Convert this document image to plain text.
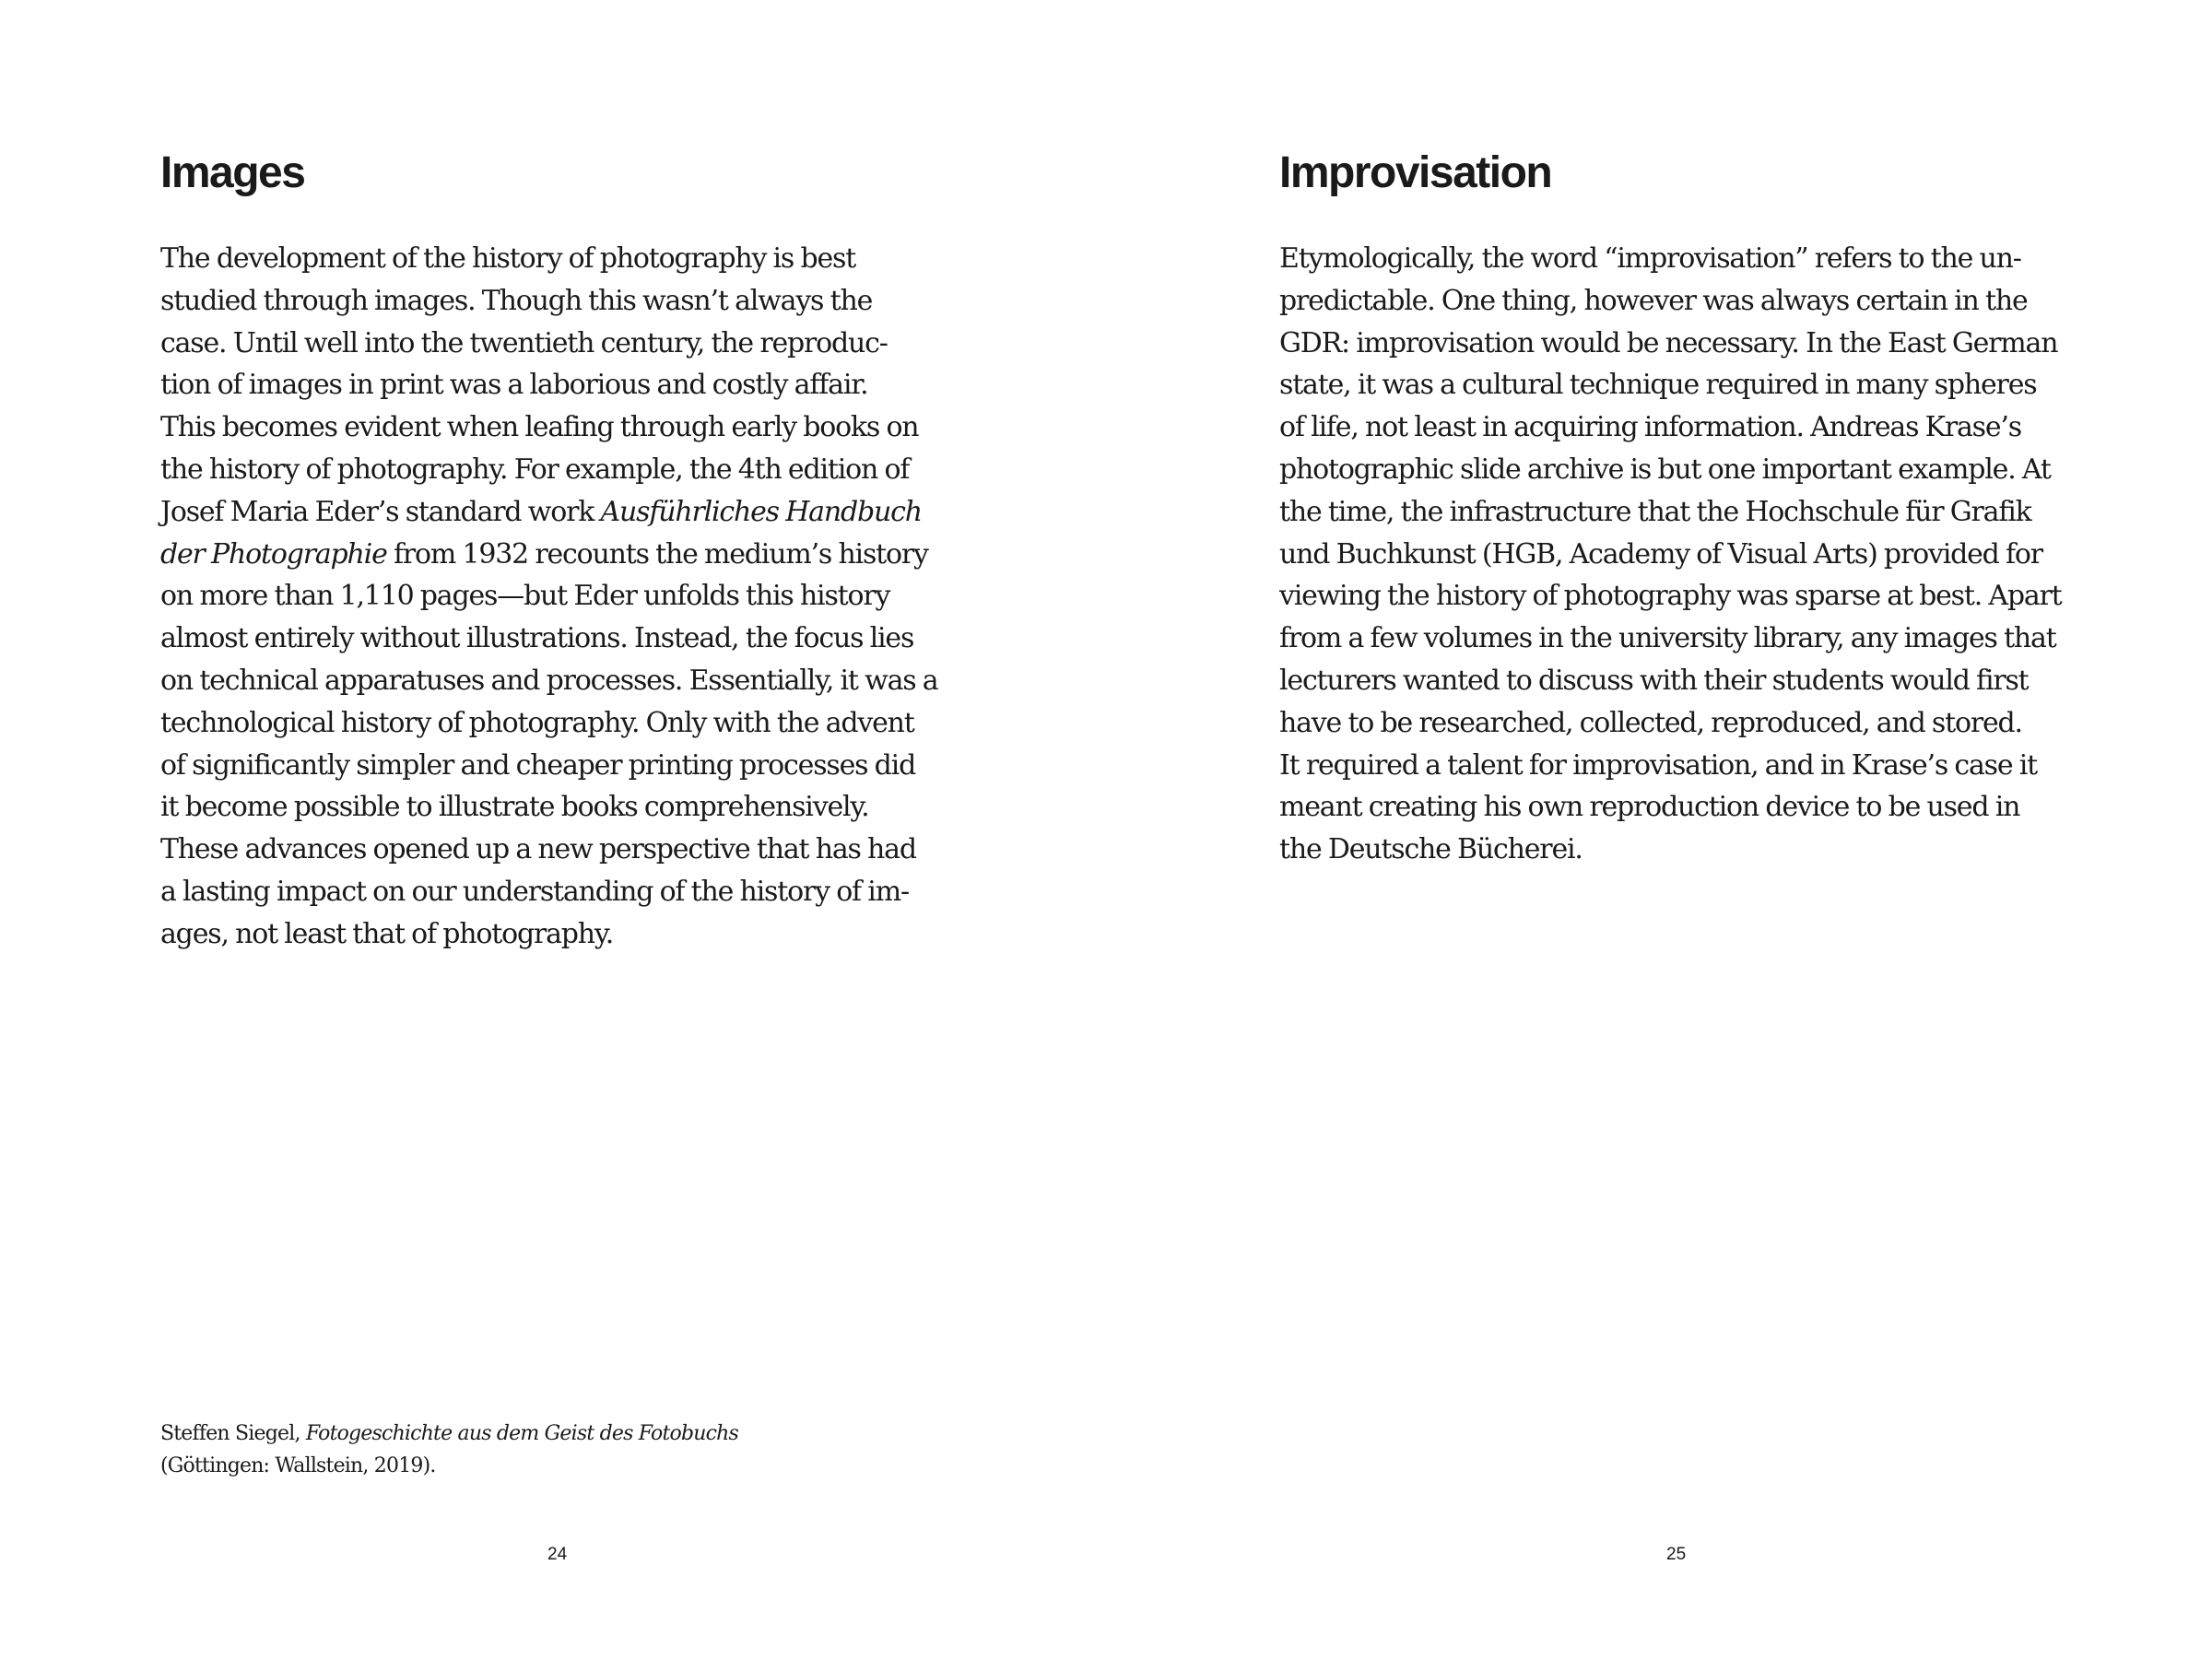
Images
The development of the history of photography is best
studied through images. Though this wasn’t always the
case. Until well into the twentieth century, the reproduc-
tion of images in print was a laborious and costly affair.
This becomes evident when leafing through early books on
the history of photography. For example, the 4th edition of
Josef Maria Eder’s standard work Ausführliches Handbuch
der Photographie from 1932 recounts the medium’s history
on more than 1,110 pages—but Eder unfolds this history
almost entirely without illustrations. Instead, the focus lies
on technical apparatuses and processes. Essentially, it was a
technological history of photography. Only with the advent
of significantly simpler and cheaper printing processes did
it become possible to illustrate books comprehensively.
These advances opened up a new perspective that has had
a lasting impact on our understanding of the history of im-
ages, not least that of photography.
Steffen Siegel, Fotogeschichte aus dem Geist des Fotobuchs
(Göttingen: Wallstein, 2019).
24
Improvisation
Etymologically, the word “improvisation” refers to the un-
predictable. One thing, however was always certain in the
GDR: improvisation would be necessary. In the East German
state, it was a cultural technique required in many spheres
of life, not least in acquiring information. Andreas Krase’s
photographic slide archive is but one important example. At
the time, the infrastructure that the Hochschule für Grafik
und Buchkunst (HGB, Academy of Visual Arts) provided for
viewing the history of photography was sparse at best. Apart
from a few volumes in the university library, any images that
lecturers wanted to discuss with their students would first
have to be researched, collected, reproduced, and stored.
It required a talent for improvisation, and in Krase’s case it
meant creating his own reproduction device to be used in
the Deutsche Bücherei.
25
